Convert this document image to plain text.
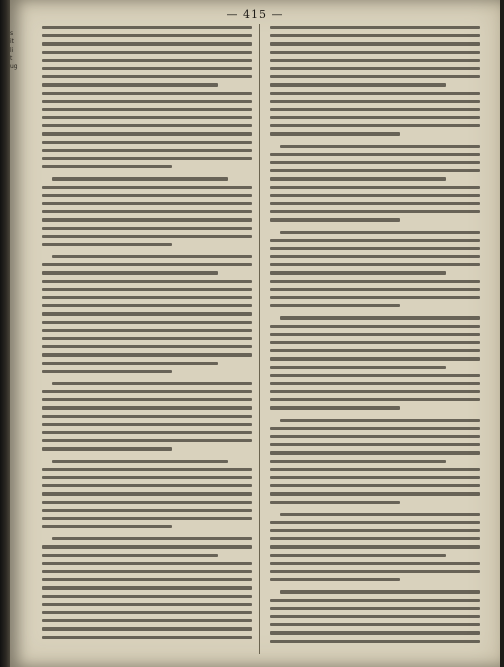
s
it
li
t
ug
— 415 —
